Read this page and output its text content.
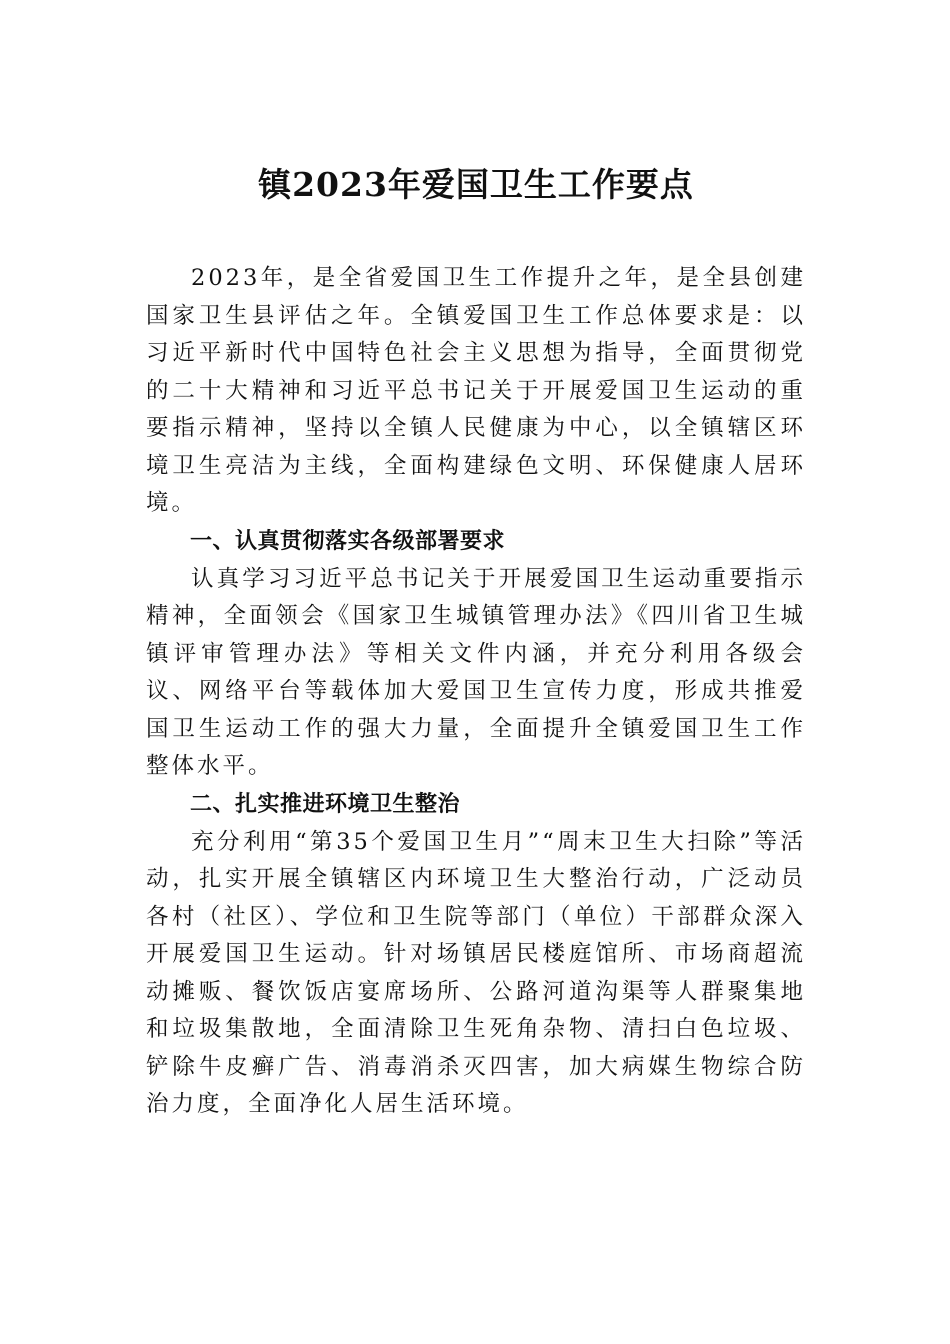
镇2023年爱国卫生工作要点

2023年，是全省爱国卫生工作提升之年，是全县创建国家卫生县评估之年。全镇爱国卫生工作总体要求是：以习近平新时代中国特色社会主义思想为指导，全面贯彻党的二十大精神和习近平总书记关于开展爱国卫生运动的重要指示精神，坚持以全镇人民健康为中心，以全镇辖区环境卫生亮洁为主线，全面构建绿色文明、环保健康人居环境。

一、认真贯彻落实各级部署要求

认真学习习近平总书记关于开展爱国卫生运动重要指示精神，全面领会《国家卫生城镇管理办法》《四川省卫生城镇评审管理办法》等相关文件内涵，并充分利用各级会议、网络平台等载体加大爱国卫生宣传力度，形成共推爱国卫生运动工作的强大力量，全面提升全镇爱国卫生工作整体水平。

二、扎实推进环境卫生整治

充分利用“第35个爱国卫生月”“周末卫生大扫除”等活动，扎实开展全镇辖区内环境卫生大整治行动，广泛动员各村（社区）、学位和卫生院等部门（单位）干部群众深入开展爱国卫生运动。针对场镇居民楼庭馆所、市场商超流动摊贩、餐饮饭店宴席场所、公路河道沟渠等人群聚集地和垃圾集散地，全面清除卫生死角杂物、清扫白色垃圾、铲除牛皮癣广告、消毒消杀灭四害，加大病媒生物综合防治力度，全面净化人居生活环境。
